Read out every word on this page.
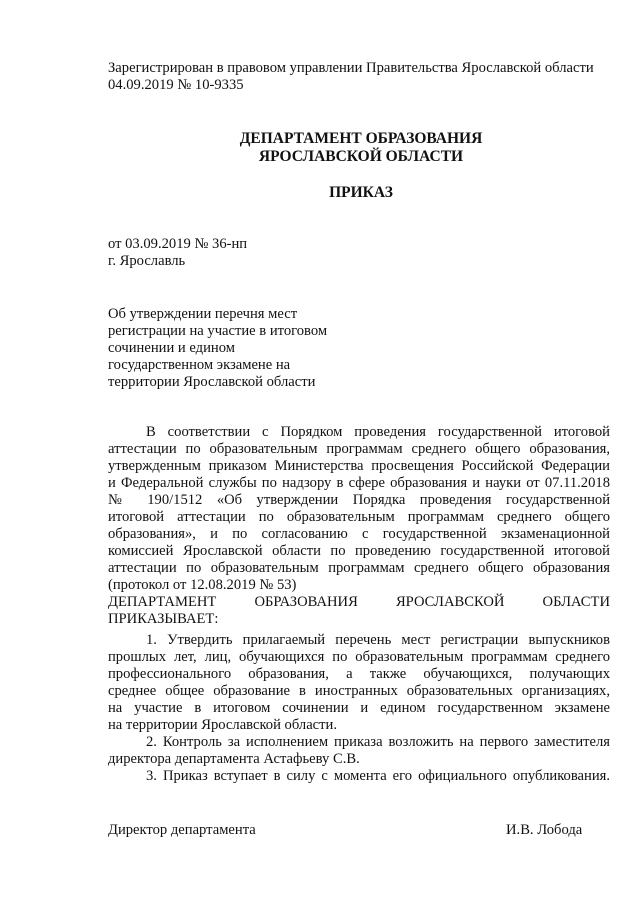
Зарегистрирован в правовом управлении Правительства Ярославской области
04.09.2019 № 10-9335
ДЕПАРТАМЕНТ ОБРАЗОВАНИЯ
ЯРОСЛАВСКОЙ ОБЛАСТИ
ПРИКАЗ
от 03.09.2019 № 36-нп
г. Ярославль
Об утверждении перечня мест
регистрации на участие в итоговом
сочинении и едином
государственном экзамене на
территории Ярославской области
В соответствии с Порядком проведения государственной итоговой
аттестации по образовательным программам среднего общего образования,
утвержденным приказом Министерства просвещения Российской Федерации
и Федеральной службы по надзору в сфере образования и науки от 07.11.2018
№ 190/1512 «Об утверждении Порядка проведения государственной
итоговой аттестации по образовательным программам среднего общего
образования», и по согласованию с государственной экзаменационной
комиссией Ярославской области по проведению государственной итоговой
аттестации по образовательным программам среднего общего образования
(протокол от 12.08.2019 № 53)
ДЕПАРТАМЕНТ ОБРАЗОВАНИЯ ЯРОСЛАВСКОЙ ОБЛАСТИ
ПРИКАЗЫВАЕТ:
1. Утвердить прилагаемый перечень мест регистрации выпускников
прошлых лет, лиц, обучающихся по образовательным программам среднего
профессионального образования, а также обучающихся, получающих
среднее общее образование в иностранных образовательных организациях,
на участие в итоговом сочинении и едином государственном экзамене
на территории Ярославской области.
2. Контроль за исполнением приказа возложить на первого заместителя
директора департамента Астафьеву С.В.
3. Приказ вступает в силу с момента его официального опубликования.
Директор департамента	И.В. Лобода
